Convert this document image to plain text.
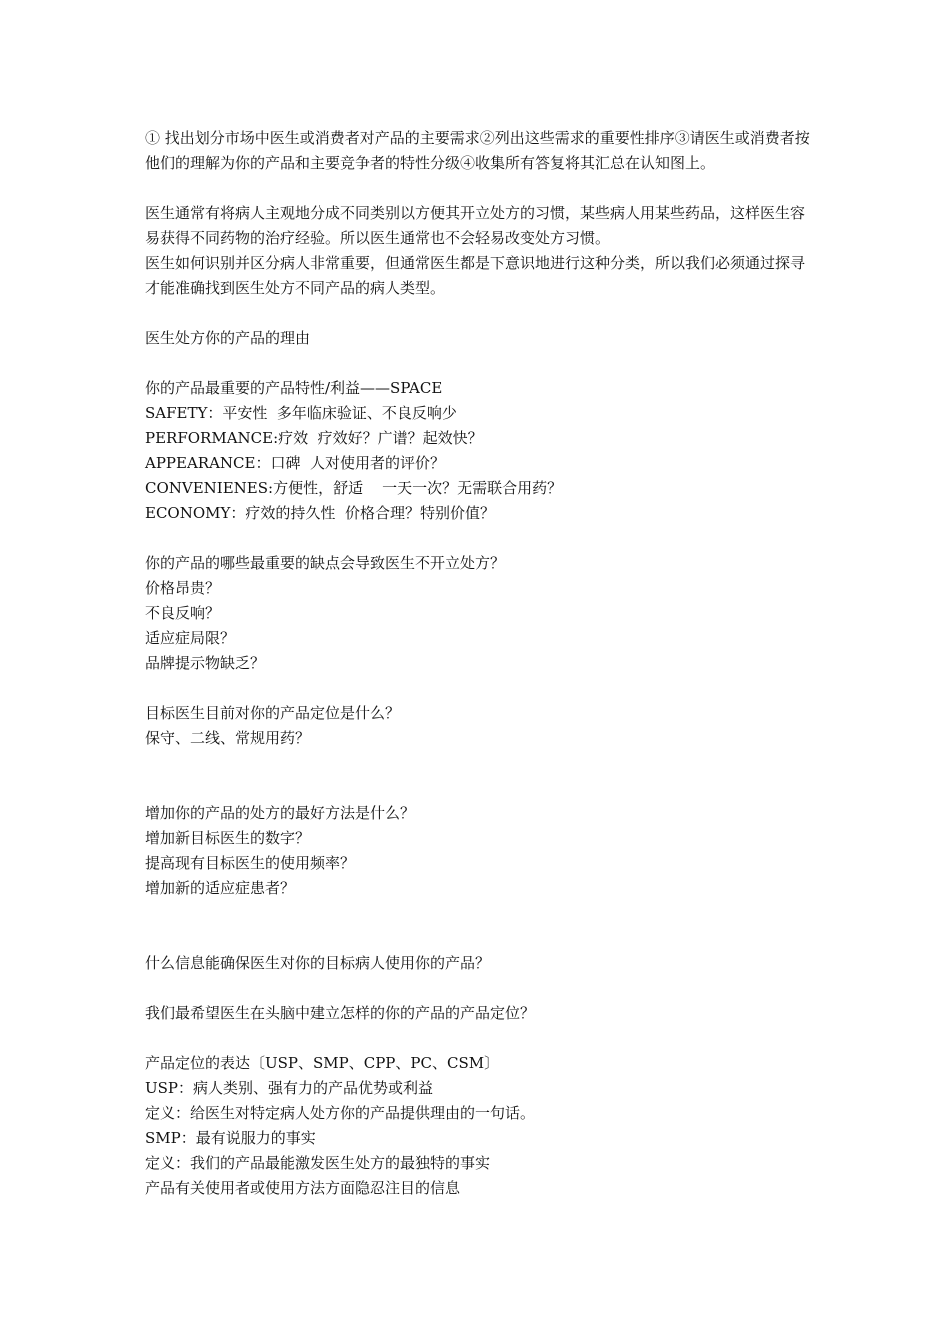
① 找出划分市场中医生或消费者对产品的主要需求②列出这些需求的重要性排序③请医生或消费者按他们的理解为你的产品和主要竞争者的特性分级④收集所有答复将其汇总在认知图上。

医生通常有将病人主观地分成不同类别以方便其开立处方的习惯，某些病人用某些药品，这样医生容易获得不同药物的治疗经验。所以医生通常也不会轻易改变处方习惯。

医生如何识别并区分病人非常重要，但通常医生都是下意识地进行这种分类，所以我们必须通过探寻才能准确找到医生处方不同产品的病人类型。

医生处方你的产品的理由

你的产品最重要的产品特性/利益——SPACE

SAFETY：平安性  多年临床验证、不良反响少

PERFORMANCE:疗效  疗效好？广谱？起效快？

APPEARANCE：口碑  人对使用者的评价？

CONVENIENES:方便性，舒适    一天一次？无需联合用药？

ECONOMY：疗效的持久性  价格合理？特别价值？

你的产品的哪些最重要的缺点会导致医生不开立处方？

价格昂贵？

不良反响？

适应症局限？

品牌提示物缺乏？

目标医生目前对你的产品定位是什么？

保守、二线、常规用药？

增加你的产品的处方的最好方法是什么？

增加新目标医生的数字？

提高现有目标医生的使用频率？

增加新的适应症患者？

什么信息能确保医生对你的目标病人使用你的产品？

我们最希望医生在头脑中建立怎样的你的产品的产品定位？

产品定位的表达〔USP、SMP、CPP、PC、CSM〕

USP：病人类别、强有力的产品优势或利益

定义：给医生对特定病人处方你的产品提供理由的一句话。

SMP：最有说服力的事实

定义：我们的产品最能激发医生处方的最独特的事实

产品有关使用者或使用方法方面隐忍注目的信息
